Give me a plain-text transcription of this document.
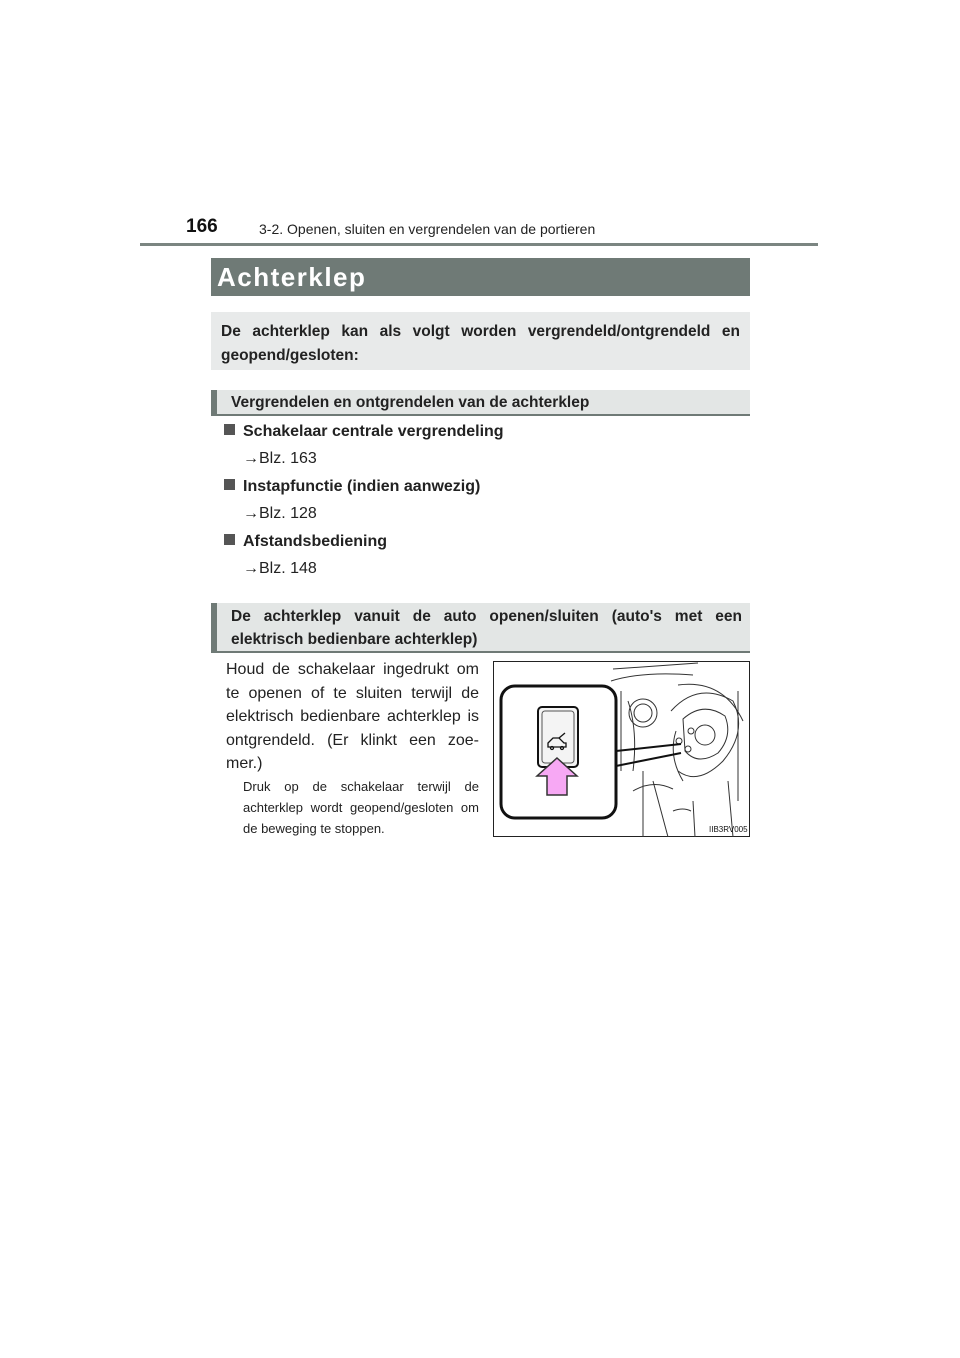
166	3-2. Openen, sluiten en vergrendelen van de portieren
Achterklep
De achterklep kan als volgt worden vergrendeld/ontgrendeld en geopend/gesloten:
Vergrendelen en ontgrendelen van de achterklep
Schakelaar centrale vergrendeling
→Blz. 163
Instapfunctie (indien aanwezig)
→Blz. 128
Afstandsbediening
→Blz. 148
De achterklep vanuit de auto openen/sluiten (auto's met een elektrisch bedienbare achterklep)
Houd de schakelaar ingedrukt om te openen of te sluiten terwijl de elektrisch bedienbare achterklep is ontgrendeld. (Er klinkt een zoe-mer.)
Druk op de schakelaar terwijl de achterklep wordt geopend/gesloten om de beweging te stoppen.	IIB3RV005
